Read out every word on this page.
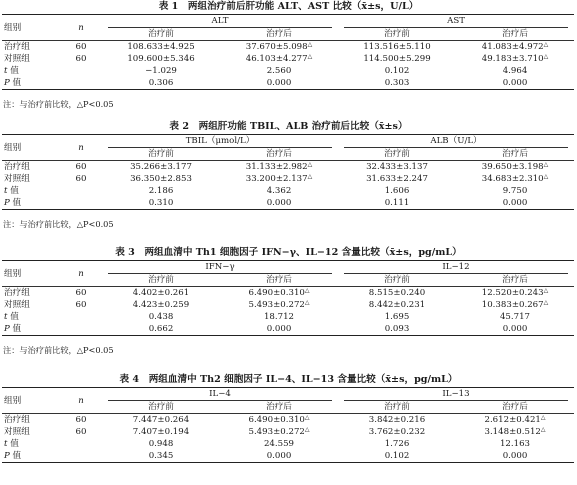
表 1　两组治疗前后肝功能 ALT、AST 比较（x̄±s，U/L）
组别	n	ALT		AST	

		治疗前	治疗后	治疗前	治疗后
治疗组	60	108.633±4.925	37.670±5.098△	113.516±5.110	41.083±4.972△
对照组	60	109.600±5.346	46.103±4.277△	114.500±5.299	49.183±3.710△
t 值		−1.029	2.560	0.102	4.964
P 值		0.306	0.000	0.303	0.000
注：与治疗前比较，△P<0.05
表 2　两组肝功能 TBIL、ALB 治疗前后比较（x̄±s）
组别	n	TBIL（μmol/L）		ALB（U/L）	

		治疗前	治疗后	治疗前	治疗后
治疗组	60	35.266±3.177	31.133±2.982△	32.433±3.137	39.650±3.198△
对照组	60	36.350±2.853	33.200±2.137△	31.633±2.247	34.683±2.310△
t 值		2.186	4.362	1.606	9.750
P 值		0.310	0.000	0.111	0.000
注：与治疗前比较，△P<0.05
表 3　两组血清中 Th1 细胞因子 IFN−γ、IL−12 含量比较（x̄±s，pg/mL）
组别	n	IFN−γ		IL−12	

		治疗前	治疗后	治疗前	治疗后
治疗组	60	4.402±0.261	6.490±0.310△	8.515±0.240	12.520±0.243△
对照组	60	4.423±0.259	5.493±0.272△	8.442±0.231	10.383±0.267△
t 值		0.438	18.712	1.695	45.717
P 值		0.662	0.000	0.093	0.000
注：与治疗前比较，△P<0.05
表 4　两组血清中 Th2 细胞因子 IL−4、IL−13 含量比较（x̄±s，pg/mL）
组别	n	IL−4		IL−13	

		治疗前	治疗后	治疗前	治疗后
治疗组	60	7.447±0.264	6.490±0.310△	3.842±0.216	2.612±0.421△
对照组	60	7.407±0.194	5.493±0.272△	3.762±0.232	3.148±0.512△
t 值		0.948	24.559	1.726	12.163
P 值		0.345	0.000	0.102	0.000
